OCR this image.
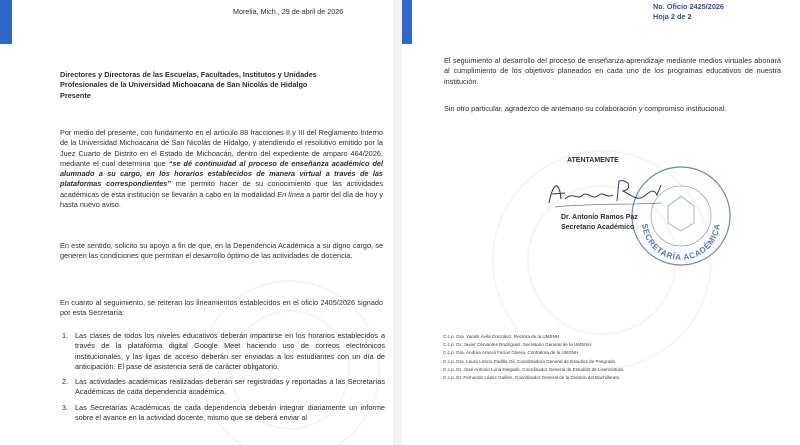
Morelia, Mich., 29 de abril de 2026
Directores y Directoras de las Escuelas, Facultades, Institutos y Unidades
Profesionales de la Universidad Michoacana de San Nicolás de Hidalgo
Presente
Por medio del presente, con fundamento en el artículo 88 fracciones II y III del Reglamento Interno de la Universidad Michoacana de San Nicolás de Hidalgo, y atendiendo el resolutivo emitido por la Juez Cuarto de Distrito en el Estado de Michoacán, dentro del expediente de amparo 464/2026, mediante el cual determina que “se dé continuidad al proceso de enseñanza académico del alumnado a su cargo, en los horarios establecidos de manera virtual a través de las plataformas correspondientes” me permito hacer de su conocimiento que las actividades académicas de esta institución se llevarán a cabo en la modalidad En línea a partir del día de hoy y hasta nuevo aviso.
En este sentido, solicito su apoyo a fin de que, en la Dependencia Académica a su digno cargo, se generen las condiciones que permitan el desarrollo óptimo de las actividades de docencia.
En cuanto al seguimiento, se reiteran los lineamientos establecidos en el oficio 2405/2026 signado por esta Secretaría:
1. Las clases de todos los niveles educativos deberán impartirse en los horarios establecidos a través de la plataforma digital Google Meet haciendo uso de correos electrónicos institucionales, y las ligas de acceso deberán ser enviadas a los estudiantes con un día de anticipación. El pase de asistencia será de carácter obligatorio.
2. Las actividades académicas realizadas deberán ser registradas y reportadas a las Secretarías Académicas de cada dependencia académica.
3. Las Secretarías Académicas de cada dependencia deberán integrar diariamente un informe sobre el avance en la actividad docente, mismo que se deberá enviar al
No. Oficio 2425/2026
Hoja 2 de 2
El seguimiento al desarrollo del proceso de enseñanza-aprendizaje mediante medios virtuales abonará al cumplimiento de los objetivos planeados en cada uno de los programas educativos de nuestra institución.
Sin otro particular, agradezco de antemano su colaboración y compromiso institucional.
ATENTAMENTE
SECRETARÍA ACADÉMICA
Dr. Antonio Ramos Paz
Secretario Académico
C.c.p. Dra. Yarabí Ávila González, Rectora de la UMSNH
C.c.p. Dr. Javier Cervantes Rodríguez, Secretario General de la UMSNH.
C.c.p. Dra. Andrea Araceli Farías Olvera, Contralora de la UMSNH.
C.c.p. Dra. Laura Leticia Padilla Gil, Coordinadora General de Estudios de Posgrado.
C.c.p. Dr. José Antonio Luna Delgado, Coordinador General de Estudios de Licenciatura.
C.c.p. Dr. Fernando López Guillén, Coordinador General de la División del Bachillerato.
